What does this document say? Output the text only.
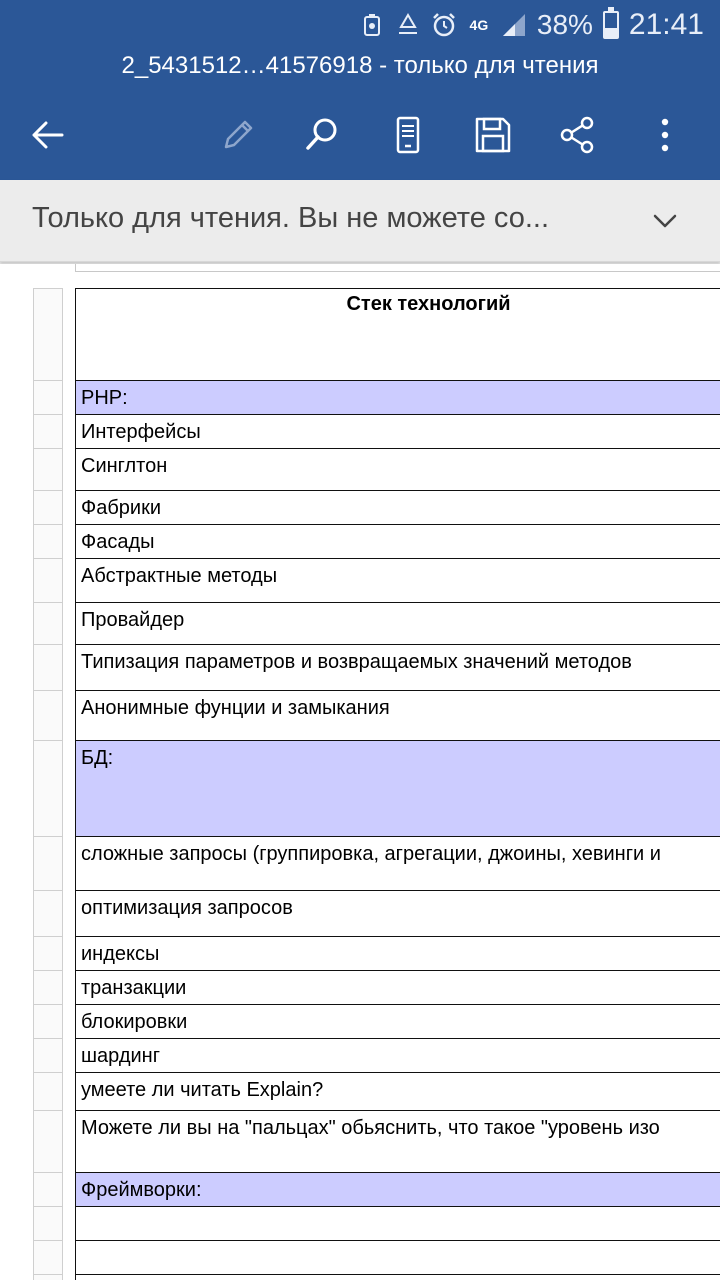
4G 38% 21:41
2_5431512…41576918 - только для чтения
Только для чтения. Вы не можете со...
Стек технологий
PHP:
Интерфейсы
Синглтон
Фабрики
Фасады
Абстрактные методы
Провайдер
Типизация параметров и возвращаемых значений методов
Анонимные фунции и замыкания
БД:
сложные запросы (группировка, агрегации, джоины, хевинги и
оптимизация запросов
индексы
транзакции
блокировки
шардинг
умеете ли читать Explain?
Можете ли вы на "пальцах" обьяснить, что такое "уровень изо
Фреймворки:
